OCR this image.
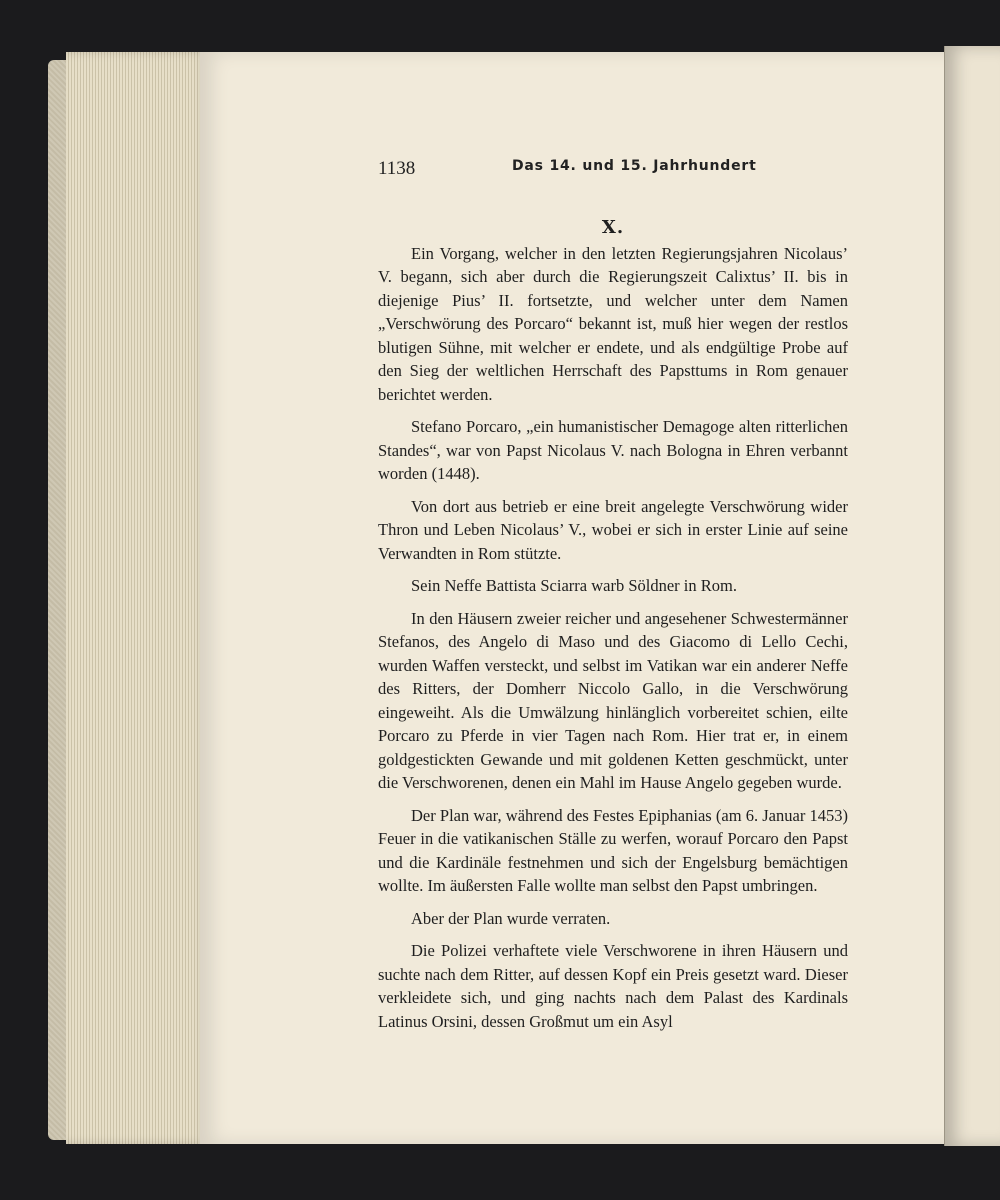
1138	Das 14. und 15. Jahrhundert
X.

Ein Vorgang, welcher in den letzten Regierungsjahren Nicolaus’ V. begann, sich aber durch die Regierungszeit Calixtus’ II. bis in diejenige Pius’ II. fortsetzte, und welcher unter dem Namen „Verschwörung des Porcaro“ bekannt ist, muß hier wegen der restlos blutigen Sühne, mit welcher er endete, und als endgültige Probe auf den Sieg der weltlichen Herrschaft des Papsttums in Rom genauer berichtet werden.

Stefano Porcaro, „ein humanistischer Demagoge alten ritterlichen Standes“, war von Papst Nicolaus V. nach Bologna in Ehren verbannt worden (1448).

Von dort aus betrieb er eine breit angelegte Verschwörung wider Thron und Leben Nicolaus’ V., wobei er sich in erster Linie auf seine Verwandten in Rom stützte.

Sein Neffe Battista Sciarra warb Söldner in Rom.

In den Häusern zweier reicher und angesehener Schwestermänner Stefanos, des Angelo di Maso und des Giacomo di Lello Cechi, wurden Waffen versteckt, und selbst im Vatikan war ein anderer Neffe des Ritters, der Domherr Niccolo Gallo, in die Verschwörung eingeweiht. Als die Umwälzung hinlänglich vorbereitet schien, eilte Porcaro zu Pferde in vier Tagen nach Rom. Hier trat er, in einem goldgestickten Gewande und mit goldenen Ketten geschmückt, unter die Verschworenen, denen ein Mahl im Hause Angelo gegeben wurde.

Der Plan war, während des Festes Epiphanias (am 6. Januar 1453) Feuer in die vatikanischen Ställe zu werfen, worauf Porcaro den Papst und die Kardinäle festnehmen und sich der Engelsburg bemächtigen wollte. Im äußersten Falle wollte man selbst den Papst umbringen.

Aber der Plan wurde verraten.

Die Polizei verhaftete viele Verschworene in ihren Häusern und suchte nach dem Ritter, auf dessen Kopf ein Preis gesetzt ward. Dieser verkleidete sich, und ging nachts nach dem Palast des Kardinals Latinus Orsini, dessen Großmut um ein Asyl
